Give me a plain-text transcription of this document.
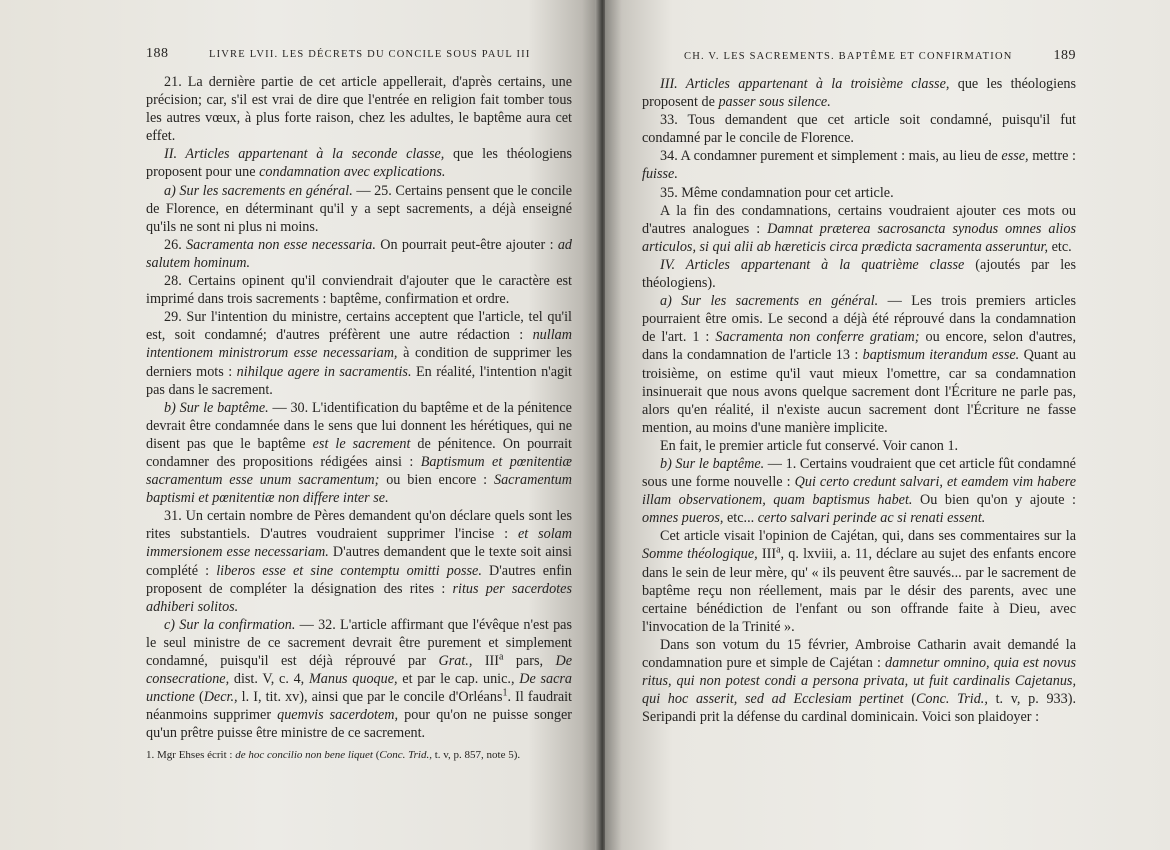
188	LIVRE LVII. LES DÉCRETS DU CONCILE SOUS PAUL III

21. La dernière partie de cet article appellerait, d'après certains, une précision; car, s'il est vrai de dire que l'entrée en religion fait tomber tous les autres vœux, à plus forte raison, chez les adultes, le baptême aura cet effet.

II. Articles appartenant à la seconde classe, que les théologiens proposent pour une condamnation avec explications.

a) Sur les sacrements en général. — 25. Certains pensent que le concile de Florence, en déterminant qu'il y a sept sacrements, a déjà enseigné qu'ils ne sont ni plus ni moins.

26. Sacramenta non esse necessaria. On pourrait peut-être ajouter : ad salutem hominum.

28. Certains opinent qu'il conviendrait d'ajouter que le caractère est imprimé dans trois sacrements : baptême, confirmation et ordre.

29. Sur l'intention du ministre, certains acceptent que l'article, tel qu'il est, soit condamné; d'autres préfèrent une autre rédaction : nullam intentionem ministrorum esse necessariam, à condition de supprimer les derniers mots : nihilque agere in sacramentis. En réalité, l'intention n'agit pas dans le sacrement.

b) Sur le baptême. — 30. L'identification du baptême et de la pénitence devrait être condamnée dans le sens que lui donnent les hérétiques, qui ne disent pas que le baptême est le sacrement de pénitence. On pourrait condamner des propositions rédigées ainsi : Baptismum et pœnitentiæ sacramentum esse unum sacramentum; ou bien encore : Sacramentum baptismi et pœnitentiæ non differe inter se.

31. Un certain nombre de Pères demandent qu'on déclare quels sont les rites substantiels. D'autres voudraient supprimer l'incise : et solam immersionem esse necessariam. D'autres demandent que le texte soit ainsi complété : liberos esse et sine contemptu omitti posse. D'autres enfin proposent de compléter la désignation des rites : ritus per sacerdotes adhiberi solitos.

c) Sur la confirmation. — 32. L'article affirmant que l'évêque n'est pas le seul ministre de ce sacrement devrait être purement et simplement condamné, puisqu'il est déjà réprouvé par Grat., III$^a$ pars, De consecratione, dist. V, c. 4, Manus quoque, et par le cap. unic., De sacra unctione (Decr., l. I, tit. xv), ainsi que par le concile d'Orléans$^1$. Il faudrait néanmoins supprimer quemvis sacerdotem, pour qu'on ne puisse songer qu'un prêtre puisse être ministre de ce sacrement.

1. Mgr Ehses écrit : de hoc concilio non bene liquet (Conc. Trid., t. v, p. 857, note 5).
CH. V. LES SACREMENTS. BAPTÊME ET CONFIRMATION	189

III. Articles appartenant à la troisième classe, que les théologiens proposent de passer sous silence.

33. Tous demandent que cet article soit condamné, puisqu'il fut condamné par le concile de Florence.

34. A condamner purement et simplement : mais, au lieu de esse, mettre : fuisse.

35. Même condamnation pour cet article.

A la fin des condamnations, certains voudraient ajouter ces mots ou d'autres analogues : Damnat præterea sacrosancta synodus omnes alios articulos, si qui alii ab hæreticis circa prædicta sacramenta asseruntur, etc.

IV. Articles appartenant à la quatrième classe (ajoutés par les théologiens).

a) Sur les sacrements en général. — Les trois premiers articles pourraient être omis. Le second a déjà été réprouvé dans la condamnation de l'art. 1 : Sacramenta non conferre gratiam; ou encore, selon d'autres, dans la condamnation de l'article 13 : baptismum iterandum esse. Quant au troisième, on estime qu'il vaut mieux l'omettre, car sa condamnation insinuerait que nous avons quelque sacrement dont l'Écriture ne parle pas, alors qu'en réalité, il n'existe aucun sacrement dont l'Écriture ne fasse mention, au moins d'une manière implicite.

En fait, le premier article fut conservé. Voir canon 1.

b) Sur le baptême. — 1. Certains voudraient que cet article fût condamné sous une forme nouvelle : Qui certo credunt salvari, et eamdem vim habere illam observationem, quam baptismus habet. Ou bien qu'on y ajoute : omnes pueros, etc... certo salvari perinde ac si renati essent.

Cet article visait l'opinion de Cajétan, qui, dans ses commentaires sur la Somme théologique, III$^a$, q. lxviii, a. 11, déclare au sujet des enfants encore dans le sein de leur mère, qu' « ils peuvent être sauvés... par le sacrement de baptême reçu non réellement, mais par le désir des parents, avec une certaine bénédiction de l'enfant ou son offrande faite à Dieu, avec l'invocation de la Trinité ».

Dans son votum du 15 février, Ambroise Catharin avait demandé la condamnation pure et simple de Cajétan : damnetur omnino, quia est novus ritus, qui non potest condi a persona privata, ut fuit cardinalis Cajetanus, qui hoc asserit, sed ad Ecclesiam pertinet (Conc. Trid., t. v, p. 933). Seripandi prit la défense du cardinal dominicain. Voici son plaidoyer :
